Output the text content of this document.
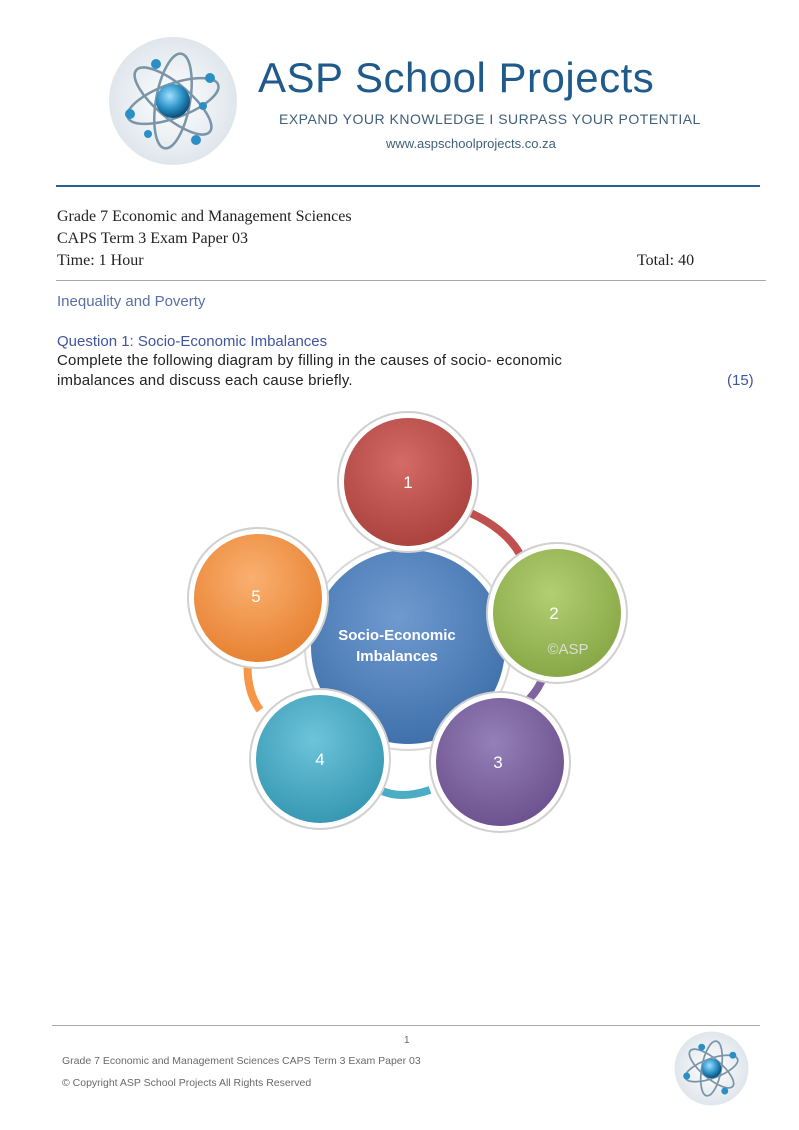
ASP School Projects
EXPAND YOUR KNOWLEDGE I SURPASS YOUR POTENTIAL
www.aspschoolprojects.co.za
Grade 7 Economic and Management Sciences
CAPS Term 3 Exam Paper 03
Time: 1 Hour	Total: 40
Inequality and Poverty
Question 1: Socio-Economic Imbalances
Complete the following diagram by filling in the causes of socio- economic
imbalances and discuss each cause briefly.	(15)
1
2
3
4
5
Socio-Economic
Imbalances	©ASP
1
Grade 7 Economic and Management Sciences CAPS Term 3 Exam Paper 03
© Copyright ASP School Projects All Rights Reserved
